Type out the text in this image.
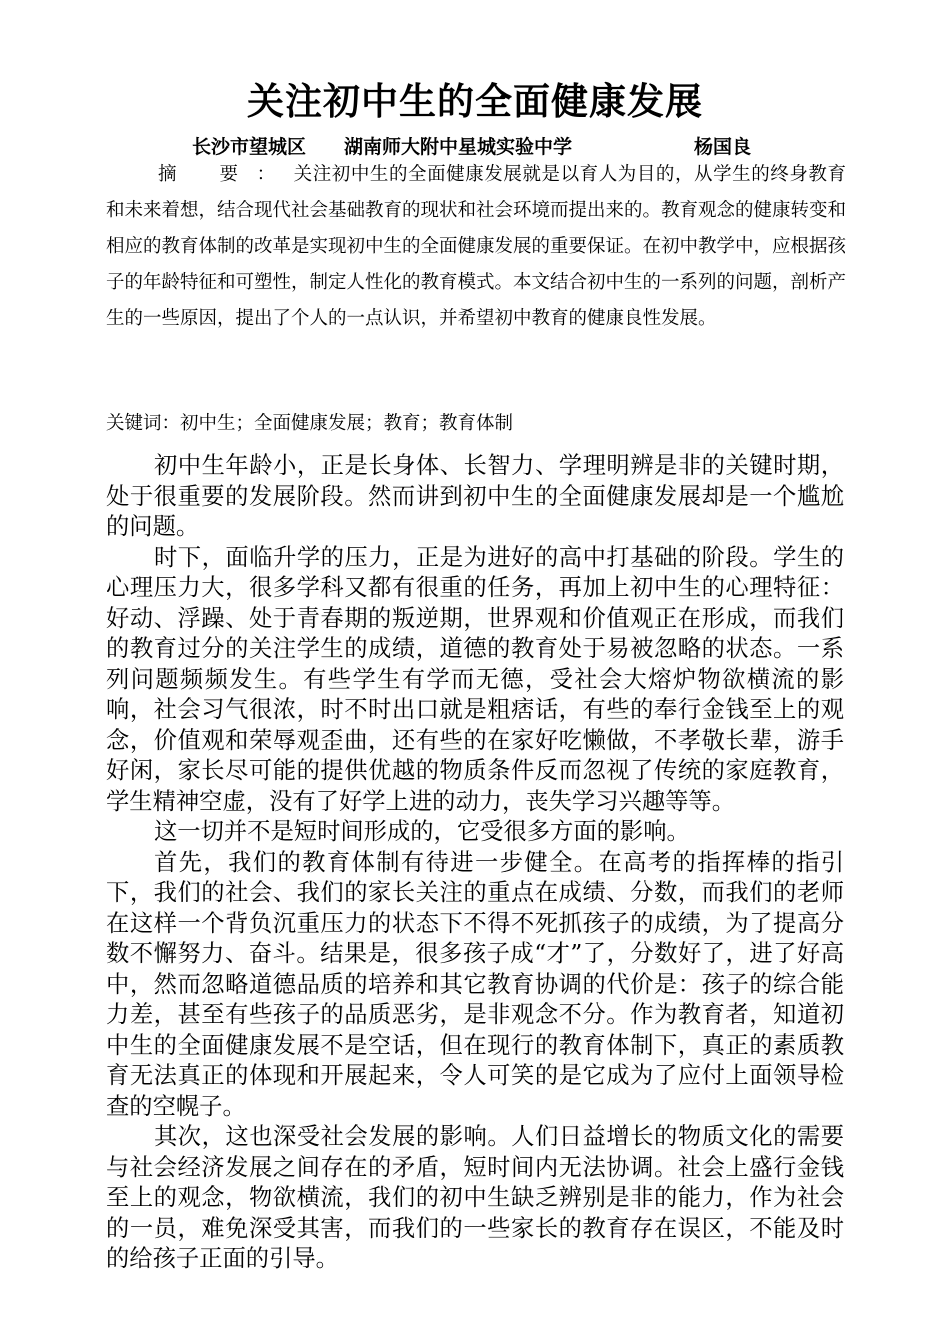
关注初中生的全面健康发展
长沙市望城区 湖南师大附中星城实验中学	杨国良
摘 要：关注初中生的全面健康发展就是以育人为目的，从学生的终身教育和未来着想，结合现代社会基础教育的现状和社会环境而提出来的。教育观念的健康转变和相应的教育体制的改革是实现初中生的全面健康发展的重要保证。在初中教学中，应根据孩子的年龄特征和可塑性，制定人性化的教育模式。本文结合初中生的一系列的问题，剖析产生的一些原因，提出了个人的一点认识，并希望初中教育的健康良性发展。
关键词：初中生；全面健康发展；教育；教育体制

初中生年龄小，正是长身体、长智力、学理明辨是非的关键时期，处于很重要的发展阶段。然而讲到初中生的全面健康发展却是一个尴尬的问题。

时下，面临升学的压力，正是为进好的高中打基础的阶段。学生的心理压力大，很多学科又都有很重的任务，再加上初中生的心理特征：好动、浮躁、处于青春期的叛逆期，世界观和价值观正在形成，而我们的教育过分的关注学生的成绩，道德的教育处于易被忽略的状态。一系列问题频频发生。有些学生有学而无德，受社会大熔炉物欲横流的影响，社会习气很浓，时不时出口就是粗痞话，有些的奉行金钱至上的观念，价值观和荣辱观歪曲，还有些的在家好吃懒做，不孝敬长辈，游手好闲，家长尽可能的提供优越的物质条件反而忽视了传统的家庭教育，学生精神空虚，没有了好学上进的动力，丧失学习兴趣等等。

这一切并不是短时间形成的，它受很多方面的影响。

首先，我们的教育体制有待进一步健全。在高考的指挥棒的指引下，我们的社会、我们的家长关注的重点在成绩、分数，而我们的老师在这样一个背负沉重压力的状态下不得不死抓孩子的成绩，为了提高分数不懈努力、奋斗。结果是，很多孩子成“才”了，分数好了，进了好高中，然而忽略道德品质的培养和其它教育协调的代价是：孩子的综合能力差，甚至有些孩子的品质恶劣，是非观念不分。作为教育者，知道初中生的全面健康发展不是空话，但在现行的教育体制下，真正的素质教育无法真正的体现和开展起来，令人可笑的是它成为了应付上面领导检查的空幌子。

其次，这也深受社会发展的影响。人们日益增长的物质文化的需要与社会经济发展之间存在的矛盾，短时间内无法协调。社会上盛行金钱至上的观念，物欲横流，我们的初中生缺乏辨别是非的能力，作为社会的一员，难免深受其害，而我们的一些家长的教育存在误区，不能及时的给孩子正面的引导。
